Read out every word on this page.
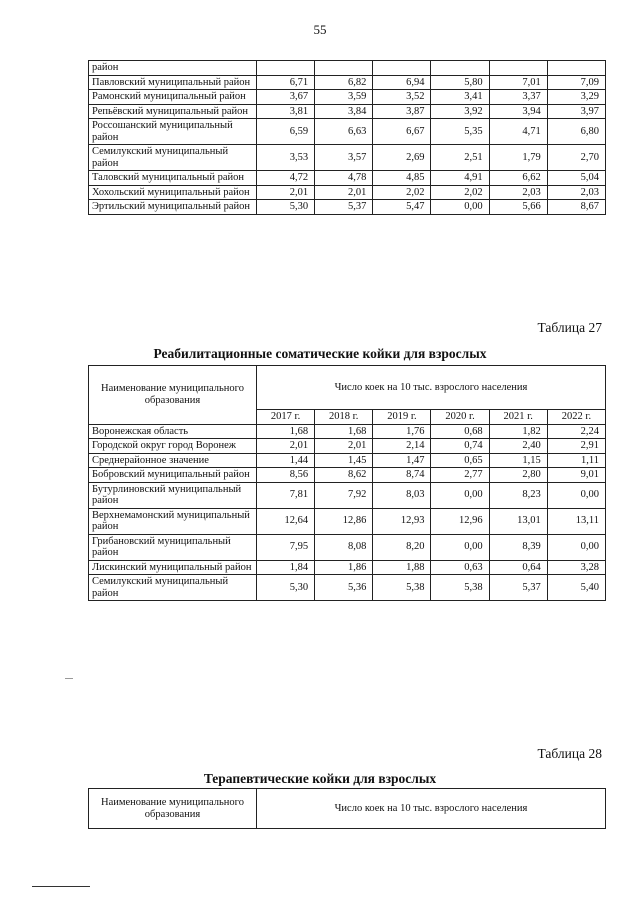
55
район						
Павловский муниципальный район	6,71	6,82	6,94	5,80	7,01	7,09
Рамонский муниципальный район	3,67	3,59	3,52	3,41	3,37	3,29
Репьёвский муниципальный район	3,81	3,84	3,87	3,92	3,94	3,97
Россошанский муниципальный район	6,59	6,63	6,67	5,35	4,71	6,80
Семилукский муниципальный район	3,53	3,57	2,69	2,51	1,79	2,70
Таловский муниципальный район	4,72	4,78	4,85	4,91	6,62	5,04
Хохольский муниципальный район	2,01	2,01	2,02	2,02	2,03	2,03
Эртильский муниципальный район	5,30	5,37	5,47	0,00	5,66	8,67
Таблица 27
Реабилитационные соматические койки для взрослых
Наименование муниципального образования	Число коек на 10 тыс. взрослого населения					
	2017 г.	2018 г.	2019 г.	2020 г.	2021 г.	2022 г.
Воронежская область	1,68	1,68	1,76	0,68	1,82	2,24
Городской округ город Воронеж	2,01	2,01	2,14	0,74	2,40	2,91
Среднерайонное значение	1,44	1,45	1,47	0,65	1,15	1,11
Бобровский муниципальный район	8,56	8,62	8,74	2,77	2,80	9,01
Бутурлиновский муниципальный район	7,81	7,92	8,03	0,00	8,23	0,00
Верхнемамонский муниципальный район	12,64	12,86	12,93	12,96	13,01	13,11
Грибановский муниципальный район	7,95	8,08	8,20	0,00	8,39	0,00
Лискинский муниципальный район	1,84	1,86	1,88	0,63	0,64	3,28
Семилукский муниципальный район	5,30	5,36	5,38	5,38	5,37	5,40
Таблица 28
Терапевтические койки для взрослых
Наименование муниципального образования	Число коек на 10 тыс. взрослого населения
